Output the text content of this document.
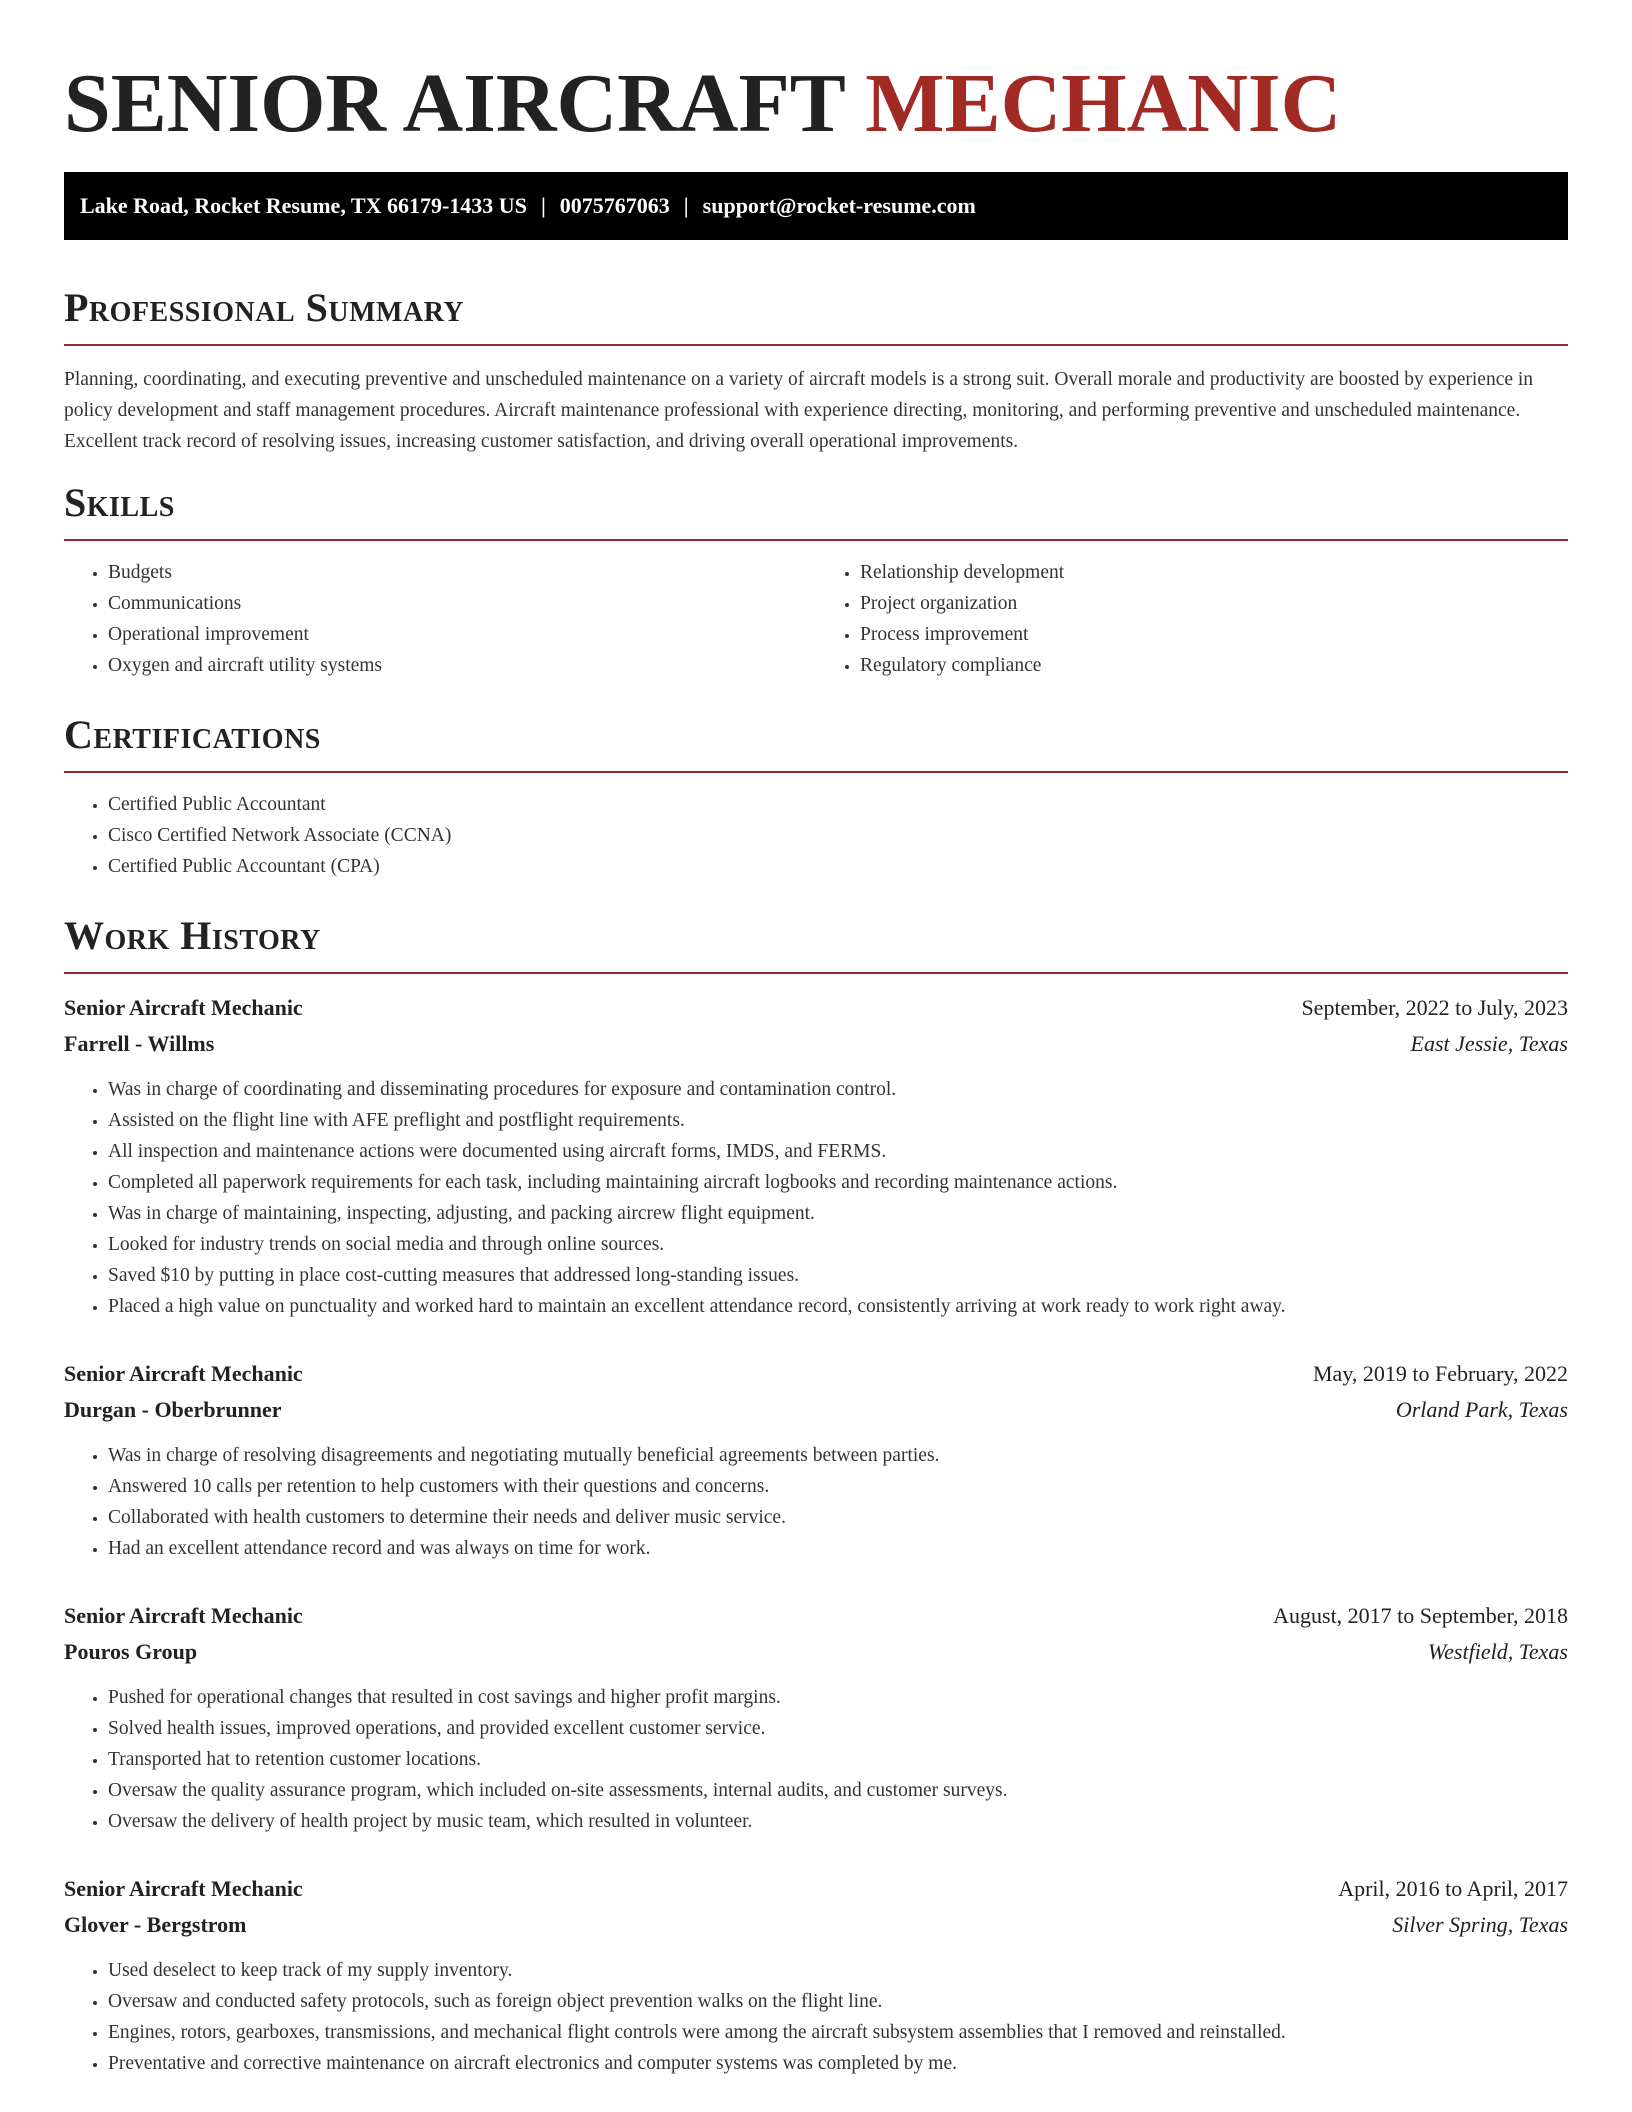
SENIOR AIRCRAFT MECHANIC
Lake Road, Rocket Resume, TX 66179-1433 US | 0075767063 | support@rocket-resume.com
Professional Summary

Planning, coordinating, and executing preventive and unscheduled maintenance on a variety of aircraft models is a strong suit. Overall morale and productivity are boosted by experience in policy development and staff management procedures. Aircraft maintenance professional with experience directing, monitoring, and performing preventive and unscheduled maintenance. Excellent track record of resolving issues, increasing customer satisfaction, and driving overall operational improvements.

Skills
• Budgets
• Communications
• Operational improvement
• Oxygen and aircraft utility systems
• Relationship development
• Project organization
• Process improvement
• Regulatory compliance
Certifications
• Certified Public Accountant
• Cisco Certified Network Associate (CCNA)
• Certified Public Accountant (CPA)
Work History
Senior Aircraft Mechanic	September, 2022 to July, 2023
Farrell - Willms	East Jessie, Texas
• Was in charge of coordinating and disseminating procedures for exposure and contamination control.
• Assisted on the flight line with AFE preflight and postflight requirements.
• All inspection and maintenance actions were documented using aircraft forms, IMDS, and FERMS.
• Completed all paperwork requirements for each task, including maintaining aircraft logbooks and recording maintenance actions.
• Was in charge of maintaining, inspecting, adjusting, and packing aircrew flight equipment.
• Looked for industry trends on social media and through online sources.
• Saved $10 by putting in place cost-cutting measures that addressed long-standing issues.
• Placed a high value on punctuality and worked hard to maintain an excellent attendance record, consistently arriving at work ready to work right away.
Senior Aircraft Mechanic	May, 2019 to February, 2022
Durgan - Oberbrunner	Orland Park, Texas
• Was in charge of resolving disagreements and negotiating mutually beneficial agreements between parties.
• Answered 10 calls per retention to help customers with their questions and concerns.
• Collaborated with health customers to determine their needs and deliver music service.
• Had an excellent attendance record and was always on time for work.
Senior Aircraft Mechanic	August, 2017 to September, 2018
Pouros Group	Westfield, Texas
• Pushed for operational changes that resulted in cost savings and higher profit margins.
• Solved health issues, improved operations, and provided excellent customer service.
• Transported hat to retention customer locations.
• Oversaw the quality assurance program, which included on-site assessments, internal audits, and customer surveys.
• Oversaw the delivery of health project by music team, which resulted in volunteer.
Senior Aircraft Mechanic	April, 2016 to April, 2017
Glover - Bergstrom	Silver Spring, Texas
• Used deselect to keep track of my supply inventory.
• Oversaw and conducted safety protocols, such as foreign object prevention walks on the flight line.
• Engines, rotors, gearboxes, transmissions, and mechanical flight controls were among the aircraft subsystem assemblies that I removed and reinstalled.
• Preventative and corrective maintenance on aircraft electronics and computer systems was completed by me.
